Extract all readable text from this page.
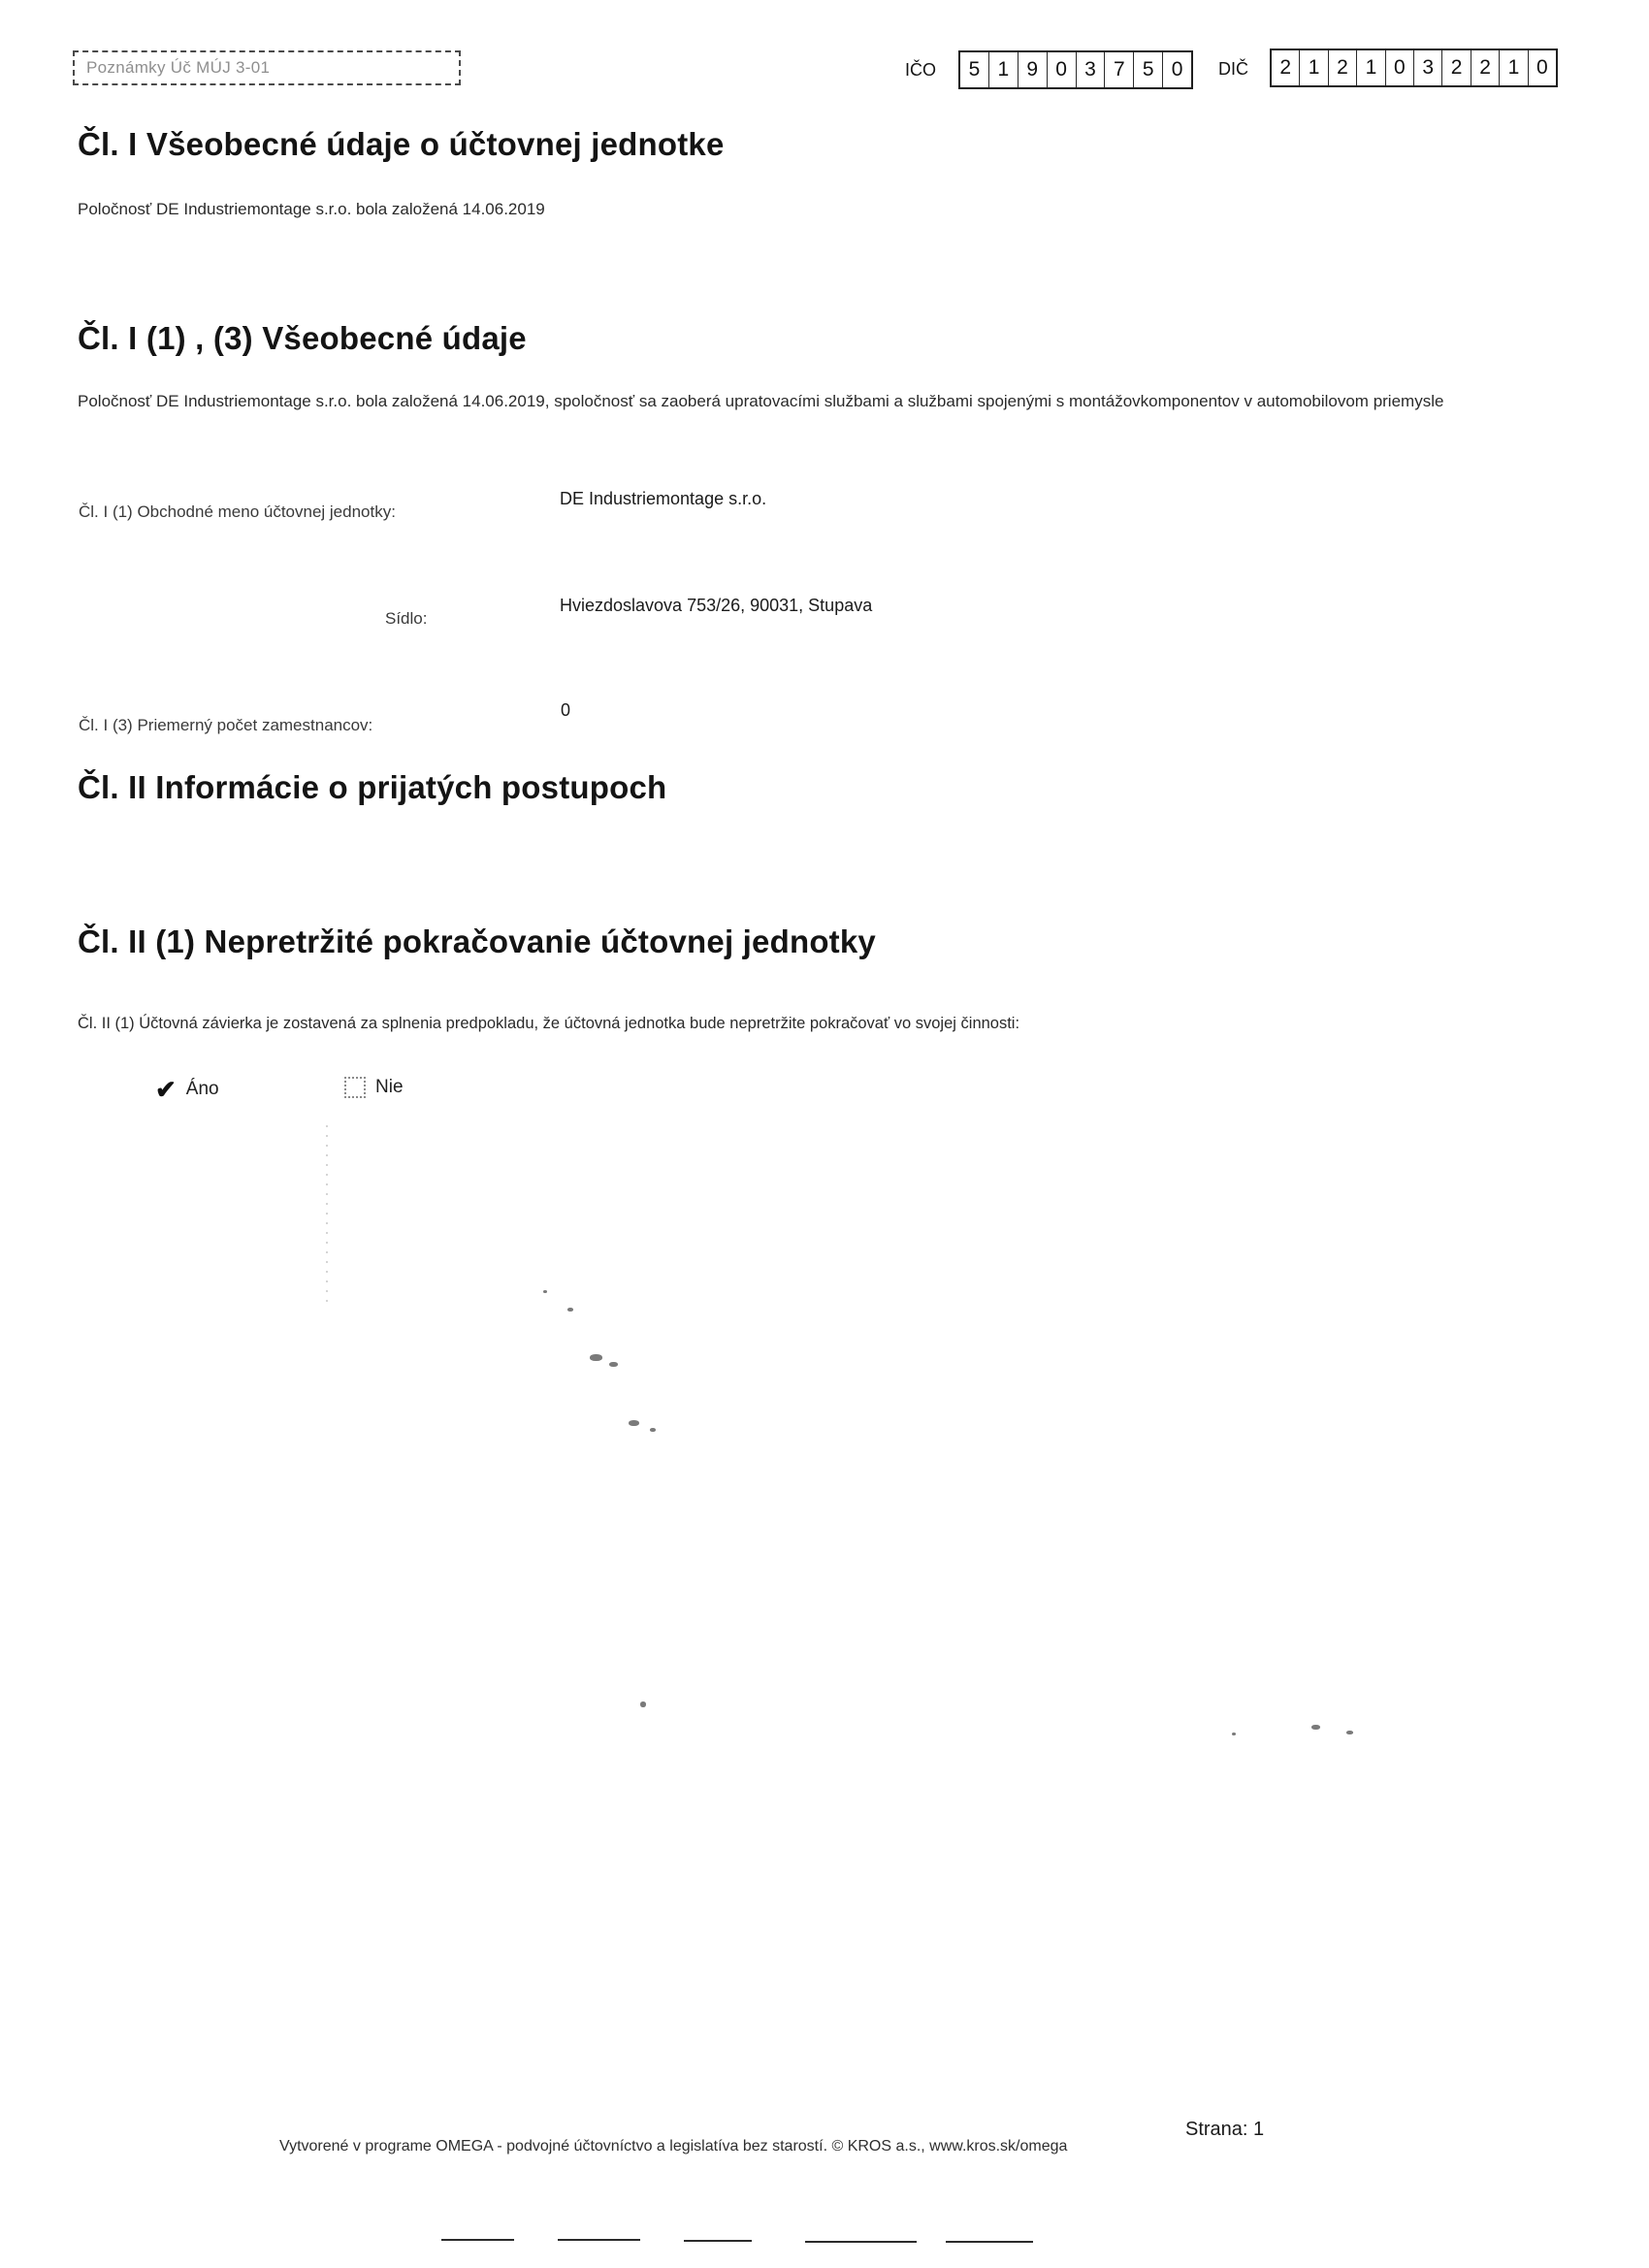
Poznámky Úč MÚJ 3-01	IČO	5 1 9 0 3 7 5 0	DIČ	2 1 2 1 0 3 2 2 1 0
Čl. I Všeobecné údaje o účtovnej jednotke
Poločnosť DE Industriemontage s.r.o. bola založená 14.06.2019
Čl. I (1) , (3) Všeobecné údaje
Poločnosť DE Industriemontage s.r.o. bola založená 14.06.2019, spoločnosť sa zaoberá upratovacími službami a službami spojenými s montážovkomponentov v automobilovom priemysle
Čl. I (1) Obchodné meno účtovnej jednotky:
DE Industriemontage s.r.o.
Sídlo:
Hviezdoslavova 753/26, 90031, Stupava
Čl. I (3) Priemerný počet zamestnancov:
0
Čl. II Informácie o prijatých postupoch
Čl. II (1) Nepretržité pokračovanie účtovnej jednotky
Čl. II (1) Účtovná závierka je zostavená za splnenia predpokladu, že účtovná jednotka bude nepretržite pokračovať vo svojej činnosti:
✔ Áno	Nie
Strana: 1
Vytvorené v programe OMEGA - podvojné účtovníctvo a legislatíva bez starostí. © KROS a.s., www.kros.sk/omega
